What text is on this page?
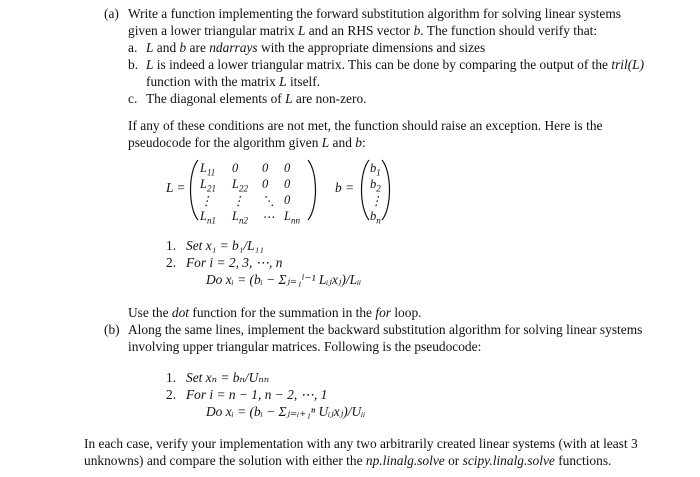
(a) Write a function implementing the forward substitution algorithm for solving linear systems
given a lower triangular matrix L and an RHS vector b. The function should verify that:
a. L and b are ndarrays with the appropriate dimensions and sizes
b. L is indeed a lower triangular matrix. This can be done by comparing the output of the tril(L)
function with the matrix L itself.
c. The diagonal elements of L are non-zero.
If any of these conditions are not met, the function should raise an exception. Here is the
pseudocode for the algorithm given L and b:
L =
$L_{11}$ 0 0 0
$L_{21}$ $L_{22}$ 0 0
⋮ ⋮ ⋱ 0
$L_{n1}$ $L_{n2}$ ⋯ $L_{nn}$
b =
$b_1$
$b_2$
⋮
$b_n$
1. Set x₁ = b₁/L₁₁
2. For i = 2, 3, ⋯, n
Do xᵢ = (bᵢ − Σⱼ₌₁ⁱ⁻¹ Lᵢⱼxⱼ)/Lᵢᵢ
Use the dot function for the summation in the for loop.
(b) Along the same lines, implement the backward substitution algorithm for solving linear systems
involving upper triangular matrices. Following is the pseudocode:
1. Set xₙ = bₙ/Uₙₙ
2. For i = n − 1, n − 2, ⋯, 1
Do xᵢ = (bᵢ − Σⱼ₌ᵢ₊₁ⁿ Uᵢⱼxⱼ)/Uᵢᵢ
In each case, verify your implementation with any two arbitrarily created linear systems (with at least 3
unknowns) and compare the solution with either the np.linalg.solve or scipy.linalg.solve functions.
